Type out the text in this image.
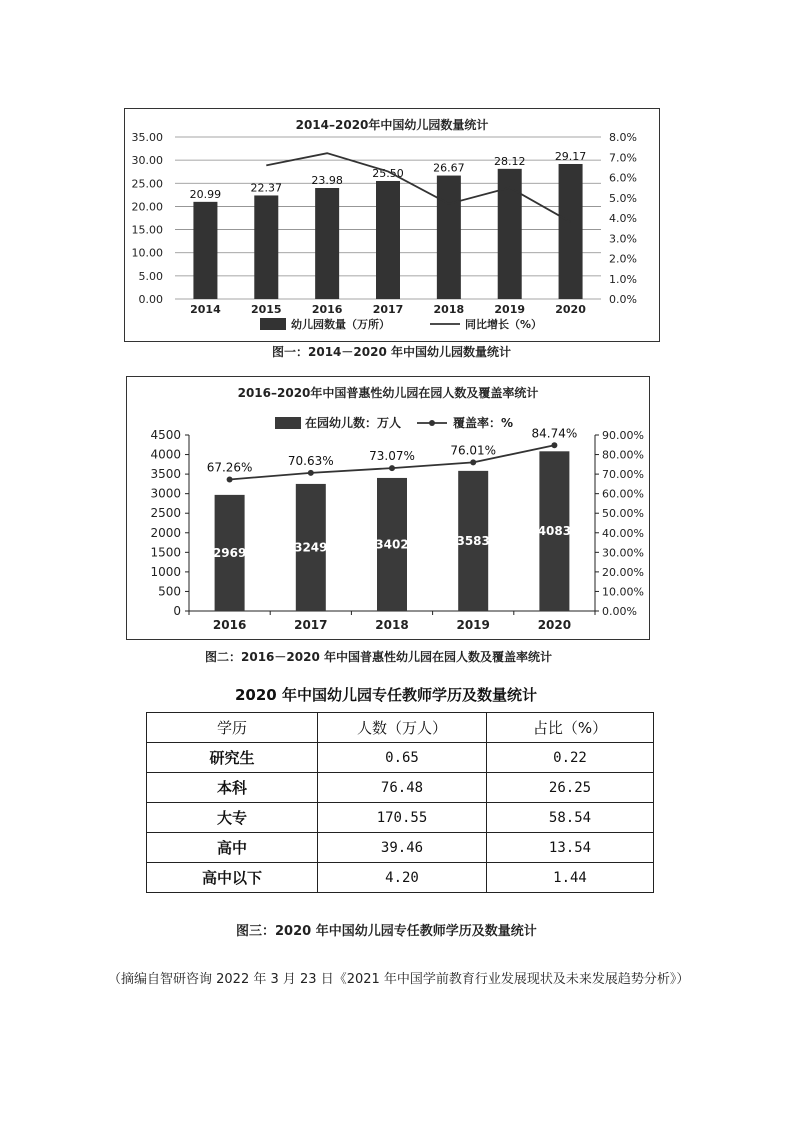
2014–2020年中国幼儿园数量统计
0.00
5.00
10.00
15.00
20.00
25.00
30.00
35.00
0.0%
1.0%
2.0%
3.0%
4.0%
5.0%
6.0%
7.0%
8.0%
20.99
2014
22.37
2015
23.98
2016
25.50
2017
26.67
2018
28.12
2019
29.17
2020
幼儿园数量（万所）	同比增长（%）
图一：2014－2020 年中国幼儿园数量统计
2016–2020年中国普惠性幼儿园在园人数及覆盖率统计
在园幼儿数：万人	覆盖率：%
0
500
1000
1500
2000
2500
3000
3500
4000
4500
0.00%
10.00%
20.00%
30.00%
40.00%
50.00%
60.00%
70.00%
80.00%
90.00%
2969
2016
3249
2017
3402
2018
3583
2019
4083
2020
67.26%	70.63%	73.07%	76.01%
84.74%
图二：2016－2020 年中国普惠性幼儿园在园人数及覆盖率统计
2020 年中国幼儿园专任教师学历及数量统计
学历	人数（万人）	占比（%）
研究生	0.65	0.22
本科	76.48	26.25
大专	170.55	58.54
高中	39.46	13.54
高中以下	4.20	1.44
图三：2020 年中国幼儿园专任教师学历及数量统计
（摘编自智研咨询 2022 年 3 月 23 日《2021 年中国学前教育行业发展现状及未来发展趋势分析》）
